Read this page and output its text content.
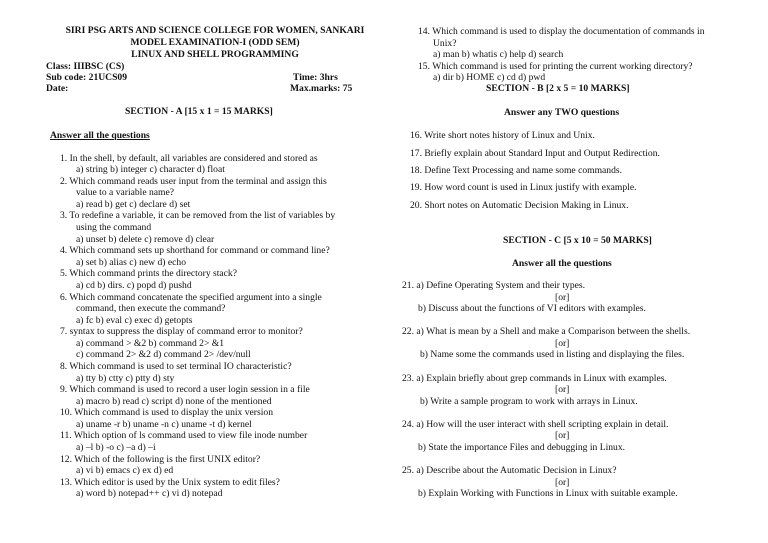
SIRI PSG ARTS AND SCIENCE COLLEGE FOR WOMEN, SANKARI
MODEL EXAMINATION-I (ODD SEM)
LINUX AND SHELL PROGRAMMING
Class: IIIBSC (CS)
Sub code: 21UCS09	Time: 3hrs
Date:	Max.marks: 75
SECTION - A [15 x 1 = 15 MARKS]
Answer all the questions
1. In the shell, by default, all variables are considered and stored as
a) string b) integer c) character d) float
2. Which command reads user input from the terminal and assign this
value to a variable name?
a) read b) get c) declare d) set
3. To redefine a variable, it can be removed from the list of variables by
using the command
a) unset b) delete c) remove d) clear
4. Which command sets up shorthand for command or command line?
a) set b) alias c) new d) echo
5. Which command prints the directory stack?
a) cd b) dirs. c) popd d) pushd
6. Which command concatenate the specified argument into a single
command, then execute the command?
a) fc b) eval c) exec d) getopts
7. syntax to suppress the display of command error to monitor?
a) command > &2 b) command 2> &1
c) command 2> &2 d) command 2> /dev/null
8. Which command is used to set terminal IO characteristic?
a) tty b) ctty c) ptty d) sty
9. Which command is used to record a user login session in a file
a) macro b) read c) script d) none of the mentioned
10. Which command is used to display the unix version
a) uname -r b) uname -n c) uname -t d) kernel
11. Which option of ls command used to view file inode number
a) –l b) -o c) –a d) –i
12. Which of the following is the first UNIX editor?
a) vi b) emacs c) ex d) ed
13. Which editor is used by the Unix system to edit files?
a) word b) notepad++ c) vi d) notepad
14. Which command is used to display the documentation of commands in
Unix?
a) man b) whatis c) help d) search
15. Which command is used for printing the current working directory?
a) dir b) HOME c) cd d) pwd
SECTION - B [2 x 5 = 10 MARKS]
Answer any TWO questions
16. Write short notes history of Linux and Unix.
17. Briefly explain about Standard Input and Output Redirection.
18. Define Text Processing and name some commands.
19. How word count is used in Linux justify with example.
20. Short notes on Automatic Decision Making in Linux.
SECTION - C [5 x 10 = 50 MARKS]
Answer all the questions
21. a) Define Operating System and their types.
[or]
b) Discuss about the functions of VI editors with examples.
22. a) What is mean by a Shell and make a Comparison between the shells.
[or]
b) Name some the commands used in listing and displaying the files.
23. a) Explain briefly about grep commands in Linux with examples.
[or]
b) Write a sample program to work with arrays in Linux.
24. a) How will the user interact with shell scripting explain in detail.
[or]
b) State the importance Files and debugging in Linux.
25. a) Describe about the Automatic Decision in Linux?
[or]
b) Explain Working with Functions in Linux with suitable example.
